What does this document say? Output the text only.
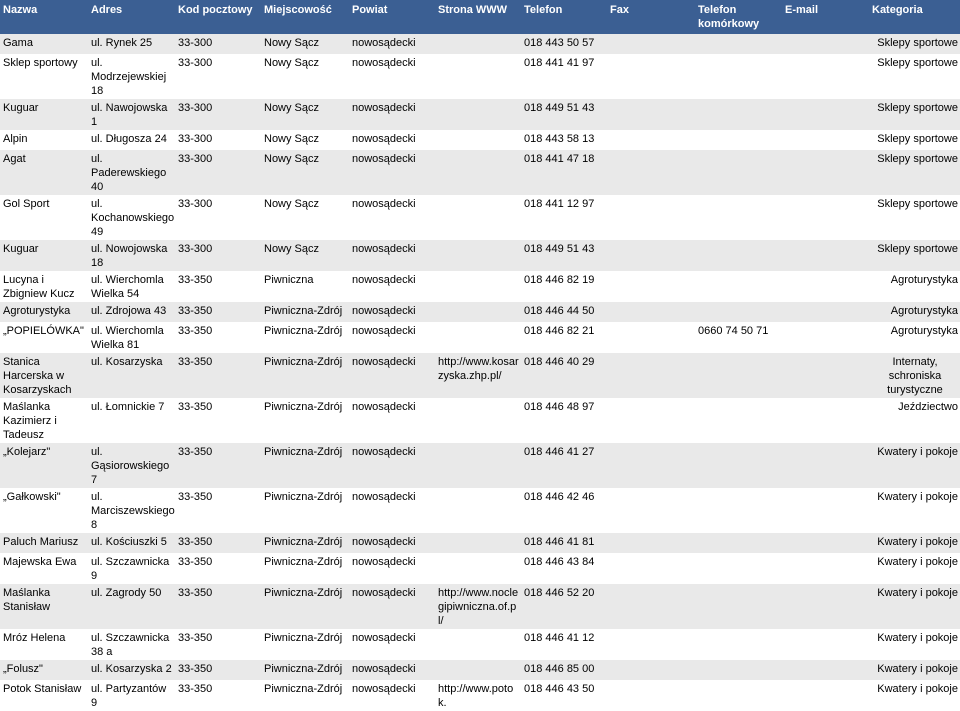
Nazwa	Adres	Kod pocztowy	Miejscowość	Powiat	Strona WWW	Telefon	Fax	Telefon komórkowy	E-mail	Kategoria
Gama	ul. Rynek 25	33-300	Nowy Sącz	nowosądecki		018 443 50 57				Sklepy sportowe
Sklep sportowy	ul. Modrzejewskiej 18	33-300	Nowy Sącz	nowosądecki		018 441 41 97				Sklepy sportowe
Kuguar	ul. Nawojowska 1	33-300	Nowy Sącz	nowosądecki		018 449 51 43				Sklepy sportowe
Alpin	ul. Długosza 24	33-300	Nowy Sącz	nowosądecki		018 443 58 13				Sklepy sportowe
Agat	ul. Paderewskiego 40	33-300	Nowy Sącz	nowosądecki		018 441 47 18				Sklepy sportowe
Gol Sport	ul. Kochanowskiego 49	33-300	Nowy Sącz	nowosądecki		018 441 12 97				Sklepy sportowe
Kuguar	ul. Nowojowska 18	33-300	Nowy Sącz	nowosądecki		018 449 51 43				Sklepy sportowe
Lucyna i Zbigniew Kucz	ul. Wierchomla Wielka 54	33-350	Piwniczna	nowosądecki		018 446 82 19				Agroturystyka
Agroturystyka	ul. Zdrojowa 43	33-350	Piwniczna-Zdrój	nowosądecki		018 446 44 50				Agroturystyka
„POPIELÓWKA"	ul. Wierchomla Wielka 81	33-350	Piwniczna-Zdrój	nowosądecki		018 446 82 21		0660 74 50 71		Agroturystyka
Stanica Harcerska w Kosarzyskach	ul. Kosarzyska	33-350	Piwniczna-Zdrój	nowosądecki	http://www.kosarzyska.zhp.pl/	018 446 40 29				Internaty, schroniska turystyczne
Maślanka Kazimierz i Tadeusz	ul. Łomnickie 7	33-350	Piwniczna-Zdrój	nowosądecki		018 446 48 97				Jeździectwo
„Kolejarz"	ul. Gąsiorowskiego 7	33-350	Piwniczna-Zdrój	nowosądecki		018 446 41 27				Kwatery i pokoje
„Gałkowski"	ul. Marciszewskiego 8	33-350	Piwniczna-Zdrój	nowosądecki		018 446 42 46				Kwatery i pokoje
Paluch Mariusz	ul. Kościuszki 5	33-350	Piwniczna-Zdrój	nowosądecki		018 446 41 81				Kwatery i pokoje
Majewska Ewa	ul. Szczawnicka 9	33-350	Piwniczna-Zdrój	nowosądecki		018 446 43 84				Kwatery i pokoje
Maślanka Stanisław	ul. Zagrody 50	33-350	Piwniczna-Zdrój	nowosądecki	http://www.noclegipiwniczna.of.pl/	018 446 52 20				Kwatery i pokoje
Mróz Helena	ul. Szczawnicka 38 a	33-350	Piwniczna-Zdrój	nowosądecki		018 446 41 12				Kwatery i pokoje
„Folusz"	ul. Kosarzyska 2	33-350	Piwniczna-Zdrój	nowosądecki		018 446 85 00				Kwatery i pokoje
Potok Stanisław	ul. Partyzantów 9	33-350	Piwniczna-Zdrój	nowosądecki	http://www.potok.	018 446 43 50				Kwatery i pokoje
